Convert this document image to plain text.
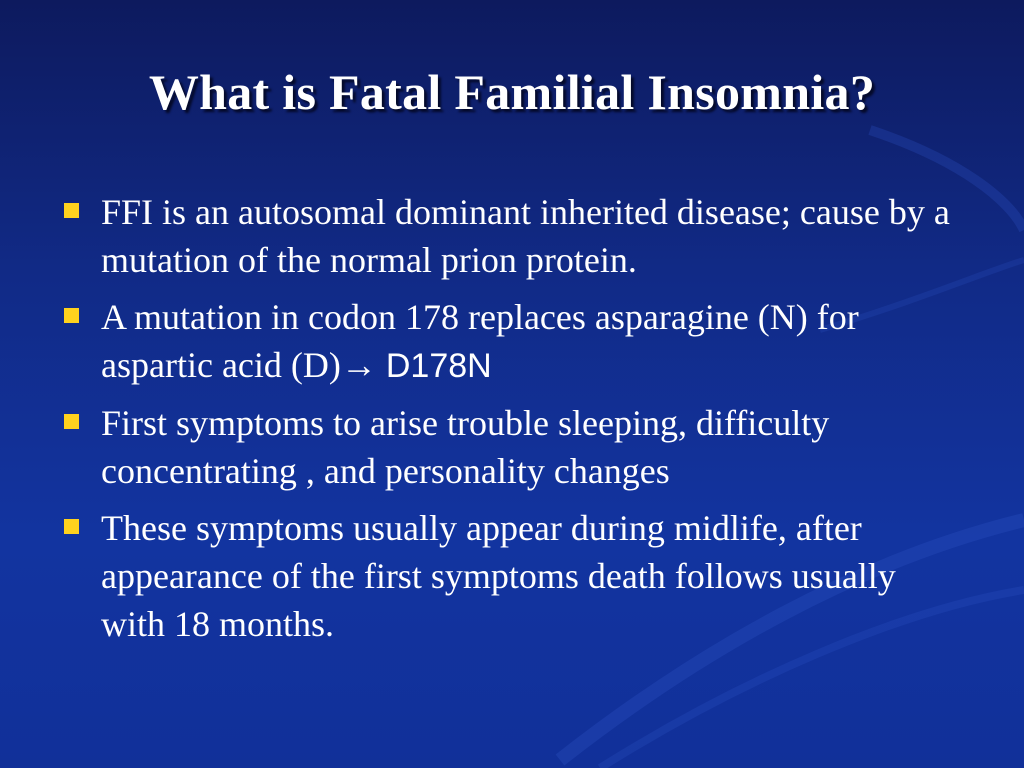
What is Fatal Familial Insomnia?
FFI is an autosomal dominant inherited disease; cause by a mutation of the normal prion protein.
A mutation in codon 178 replaces asparagine (N) for aspartic acid (D)→ D178N
First symptoms to arise trouble sleeping, difficulty concentrating , and personality changes
These symptoms usually appear during midlife, after appearance of the first symptoms death follows usually with 18 months.
